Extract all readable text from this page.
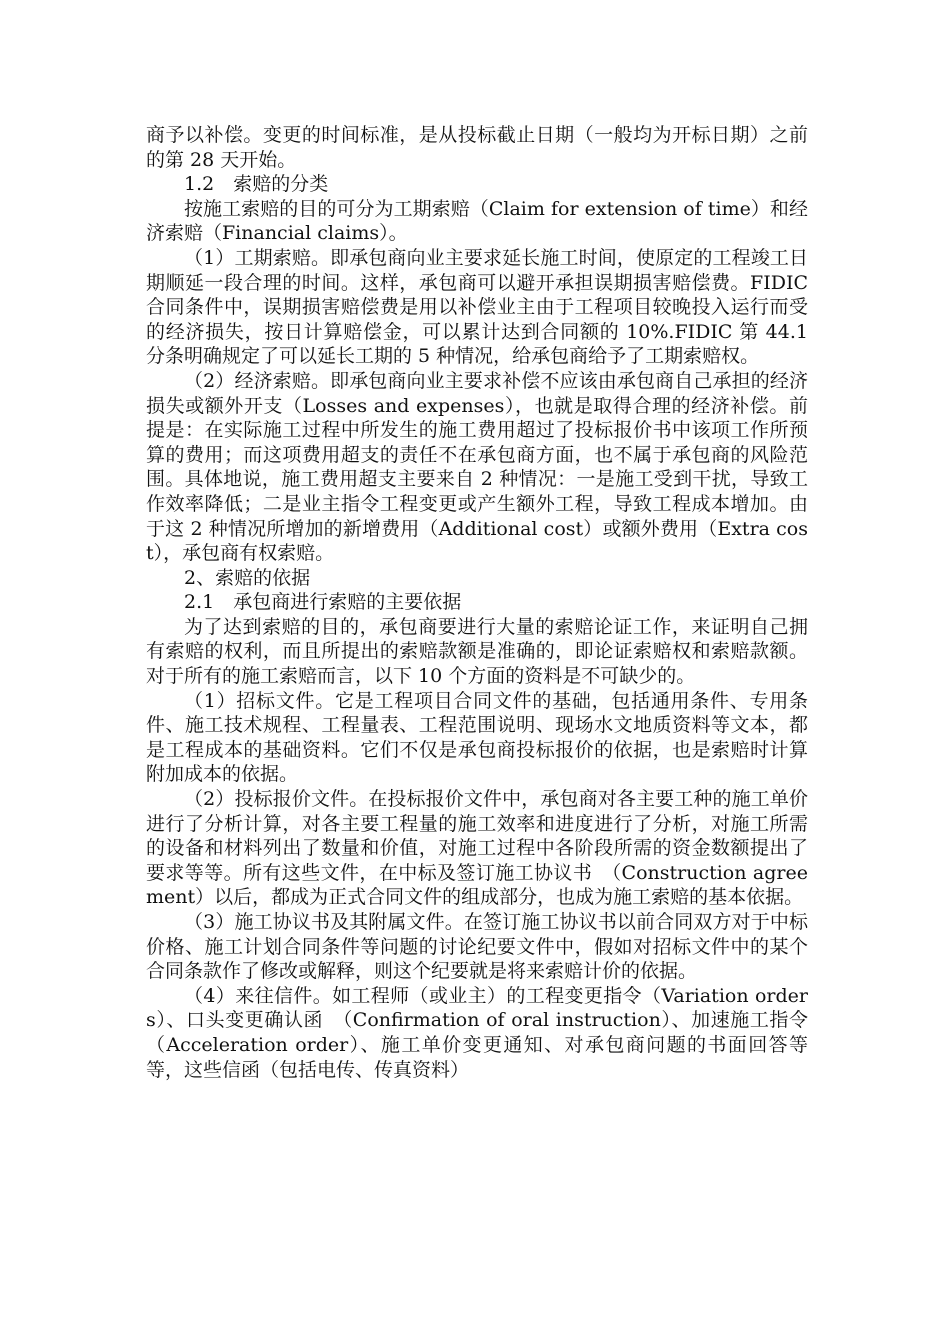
商予以补偿。变更的时间标准，是从投标截止日期（一般均为开标日期）之前的第 28 天开始。

1.2　索赔的分类

按施工索赔的目的可分为工期索赔（Claim for extension of time）和经济索赔（Financial claims）。

（1）工期索赔。即承包商向业主要求延长施工时间，使原定的工程竣工日期顺延一段合理的时间。这样，承包商可以避开承担误期损害赔偿费。FIDIC 合同条件中，误期损害赔偿费是用以补偿业主由于工程项目较晚投入运行而受的经济损失，按日计算赔偿金，可以累计达到合同额的 10%.FIDIC 第 44.1 分条明确规定了可以延长工期的 5 种情况，给承包商给予了工期索赔权。

（2）经济索赔。即承包商向业主要求补偿不应该由承包商自己承担的经济损失或额外开支（Losses and expenses），也就是取得合理的经济补偿。前提是：在实际施工过程中所发生的施工费用超过了投标报价书中该项工作所预算的费用；而这项费用超支的责任不在承包商方面，也不属于承包商的风险范围。具体地说，施工费用超支主要来自 2 种情况：一是施工受到干扰，导致工作效率降低；二是业主指令工程变更或产生额外工程，导致工程成本增加。由于这 2 种情况所增加的新增费用（Additional cost）或额外费用（Extra cost），承包商有权索赔。

2、索赔的依据

2.1　承包商进行索赔的主要依据

为了达到索赔的目的，承包商要进行大量的索赔论证工作，来证明自己拥有索赔的权利，而且所提出的索赔款额是准确的，即论证索赔权和索赔款额。对于所有的施工索赔而言，以下 10 个方面的资料是不可缺少的。

（1）招标文件。它是工程项目合同文件的基础，包括通用条件、专用条件、施工技术规程、工程量表、工程范围说明、现场水文地质资料等文本，都是工程成本的基础资料。它们不仅是承包商投标报价的依据，也是索赔时计算附加成本的依据。

（2）投标报价文件。在投标报价文件中，承包商对各主要工种的施工单价进行了分析计算，对各主要工程量的施工效率和进度进行了分析，对施工所需的设备和材料列出了数量和价值，对施工过程中各阶段所需的资金数额提出了要求等等。所有这些文件，在中标及签订施工协议书　（Construction agreement）以后，都成为正式合同文件的组成部分，也成为施工索赔的基本依据。

（3）施工协议书及其附属文件。在签订施工协议书以前合同双方对于中标价格、施工计划合同条件等问题的讨论纪要文件中，假如对招标文件中的某个合同条款作了修改或解释，则这个纪要就是将来索赔计价的依据。

（4）来往信件。如工程师（或业主）的工程变更指令（Variation orders）、口头变更确认函　（Confirmation of oral instruction）、加速施工指令（Acceleration order）、施工单价变更通知、对承包商问题的书面回答等等，这些信函（包括电传、传真资料）
